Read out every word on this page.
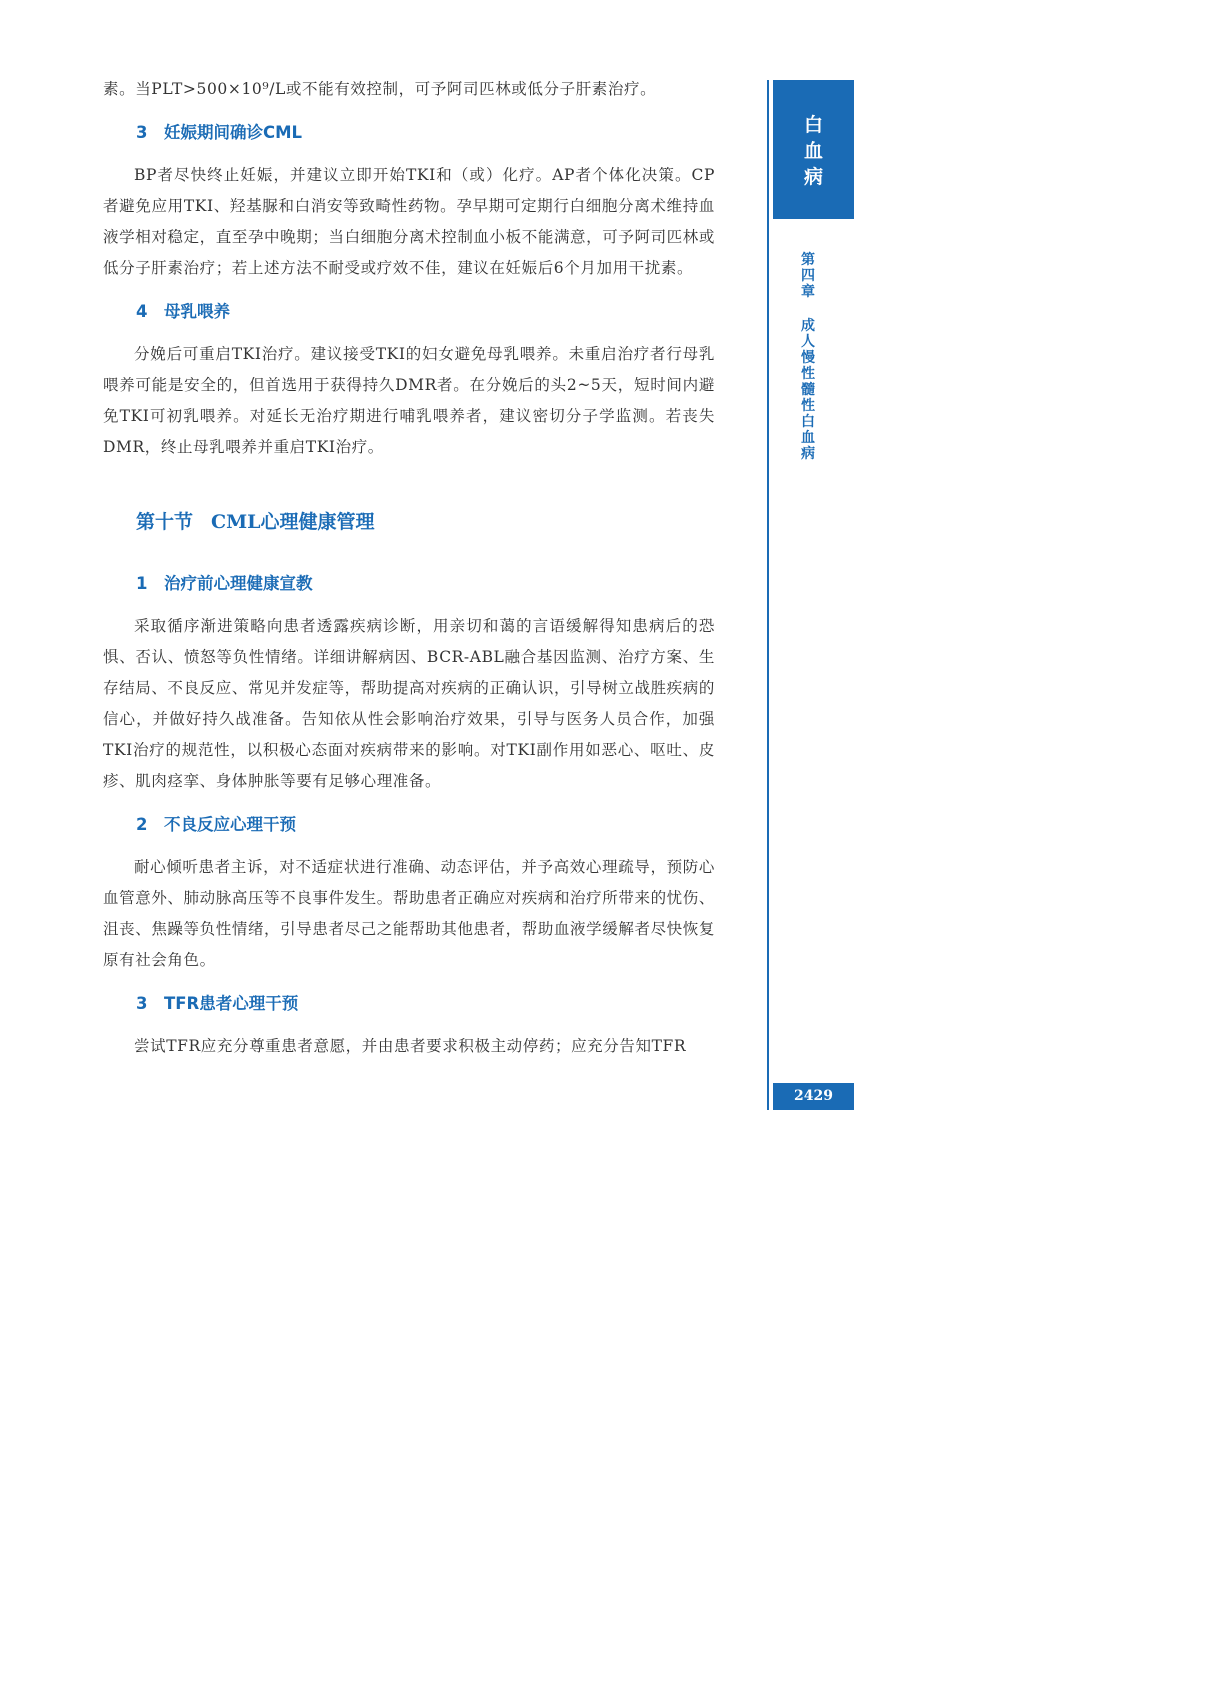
素。当PLT>500×10⁹/L或不能有效控制，可予阿司匹林或低分子肝素治疗。

3 妊娠期间确诊CML

BP者尽快终止妊娠，并建议立即开始TKI和（或）化疗。AP者个体化决策。CP者避免应用TKI、羟基脲和白消安等致畸性药物。孕早期可定期行白细胞分离术维持血液学相对稳定，直至孕中晚期；当白细胞分离术控制血小板不能满意，可予阿司匹林或低分子肝素治疗；若上述方法不耐受或疗效不佳，建议在妊娠后6个月加用干扰素。

4 母乳喂养

分娩后可重启TKI治疗。建议接受TKI的妇女避免母乳喂养。未重启治疗者行母乳喂养可能是安全的，但首选用于获得持久DMR者。在分娩后的头2~5天，短时间内避免TKI可初乳喂养。对延长无治疗期进行哺乳喂养者，建议密切分子学监测。若丧失DMR，终止母乳喂养并重启TKI治疗。

第十节 CML心理健康管理
1 治疗前心理健康宣教

采取循序渐进策略向患者透露疾病诊断，用亲切和蔼的言语缓解得知患病后的恐惧、否认、愤怒等负性情绪。详细讲解病因、BCR-ABL融合基因监测、治疗方案、生存结局、不良反应、常见并发症等，帮助提高对疾病的正确认识，引导树立战胜疾病的信心，并做好持久战准备。告知依从性会影响治疗效果，引导与医务人员合作，加强TKI治疗的规范性，以积极心态面对疾病带来的影响。对TKI副作用如恶心、呕吐、皮疹、肌肉痉挛、身体肿胀等要有足够心理准备。

2 不良反应心理干预

耐心倾听患者主诉，对不适症状进行准确、动态评估，并予高效心理疏导，预防心血管意外、肺动脉高压等不良事件发生。帮助患者正确应对疾病和治疗所带来的忧伤、沮丧、焦躁等负性情绪，引导患者尽己之能帮助其他患者，帮助血液学缓解者尽快恢复原有社会角色。

3 TFR患者心理干预

尝试TFR应充分尊重患者意愿，并由患者要求积极主动停药；应充分告知TFR

白
血
病
第
四
章
成
人
慢
性
髓
性
白
血
病
2429
